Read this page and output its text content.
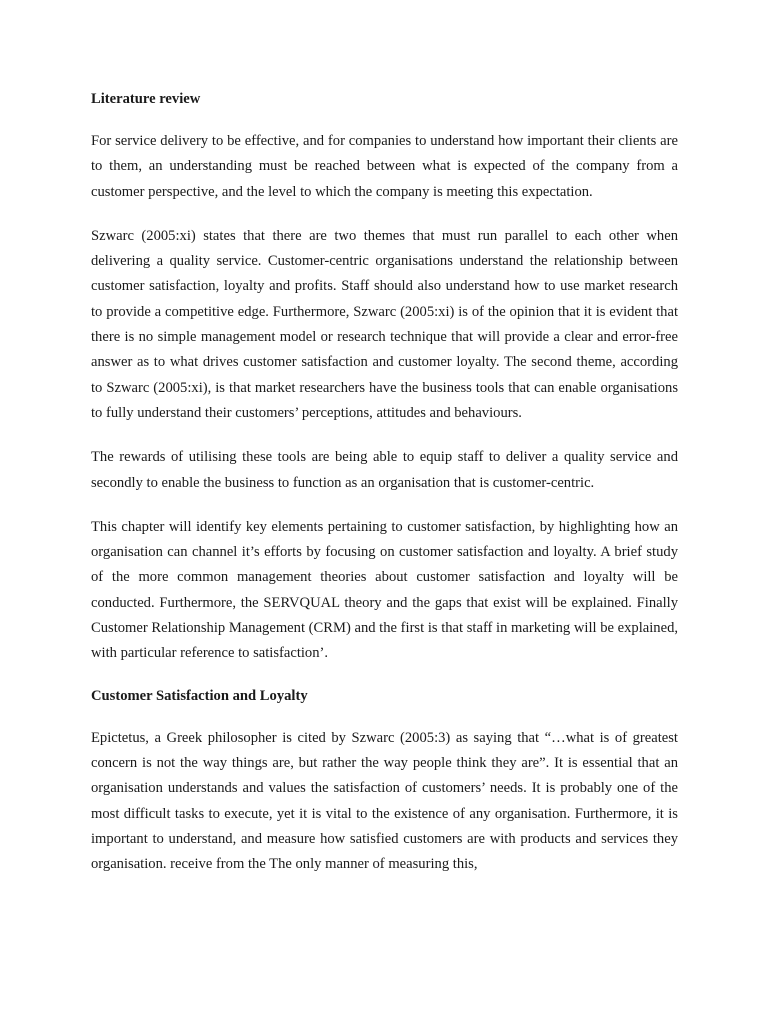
Literature review

For service delivery to be effective, and for companies to understand how important their clients are to them, an understanding must be reached between what is expected of the company from a customer perspective, and the level to which the company is meeting this expectation.

Szwarc (2005:xi) states that there are two themes that must run parallel to each other when delivering a quality service. Customer-centric organisations understand the relationship between customer satisfaction, loyalty and profits. Staff should also understand how to use market research to provide a competitive edge. Furthermore, Szwarc (2005:xi) is of the opinion that it is evident that there is no simple management model or research technique that will provide a clear and error-free answer as to what drives customer satisfaction and customer loyalty. The second theme, according to Szwarc (2005:xi), is that market researchers have the business tools that can enable organisations to fully understand their customers’ perceptions, attitudes and behaviours.

The rewards of utilising these tools are being able to equip staff to deliver a quality service and secondly to enable the business to function as an organisation that is customer-centric.

This chapter will identify key elements pertaining to customer satisfaction, by highlighting how an organisation can channel it’s efforts by focusing on customer satisfaction and loyalty. A brief study of the more common management theories about customer satisfaction and loyalty will be conducted. Furthermore, the SERVQUAL theory and the gaps that exist will be explained. Finally Customer Relationship Management (CRM) and the first is that staff in marketing will be explained, with particular reference to satisfaction’.

Customer Satisfaction and Loyalty

Epictetus, a Greek philosopher is cited by Szwarc (2005:3) as saying that “…what is of greatest concern is not the way things are, but rather the way people think they are”. It is essential that an organisation understands and values the satisfaction of customers’ needs. It is probably one of the most difficult tasks to execute, yet it is vital to the existence of any organisation. Furthermore, it is important to understand, and measure how satisfied customers are with products and services they organisation. receive from the The only manner of measuring this,
